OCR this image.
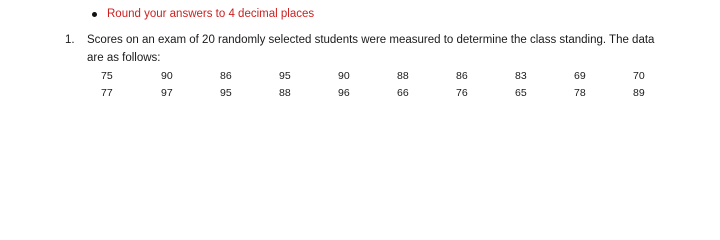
Round your answers to 4 decimal places
1. Scores on an exam of 20 randomly selected students were measured to determine the class standing. The data
are as follows:
75	90	86	95	90	88	86	83	69	70
77	97	95	88	96	66	76	65	78	89
